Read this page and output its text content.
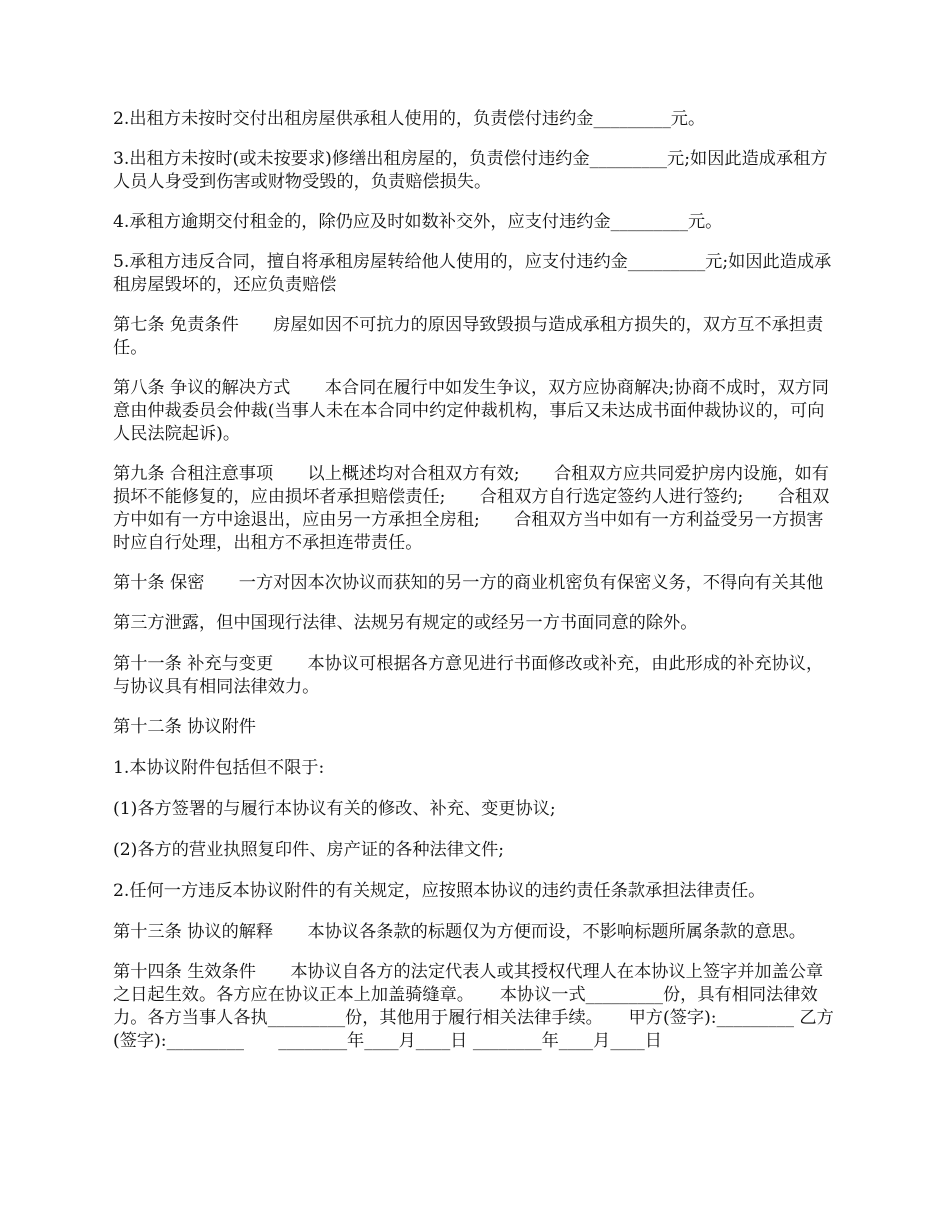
2.出租方未按时交付出租房屋供承租人使用的，负责偿付违约金_________元。

3.出租方未按时(或未按要求)修缮出租房屋的，负责偿付违约金_________元;如因此造成承租方人员人身受到伤害或财物受毁的，负责赔偿损失。

4.承租方逾期交付租金的，除仍应及时如数补交外，应支付违约金_________元。

5.承租方违反合同，擅自将承租房屋转给他人使用的，应支付违约金_________元;如因此造成承租房屋毁坏的，还应负责赔偿

第七条 免责条件　　房屋如因不可抗力的原因导致毁损与造成承租方损失的，双方互不承担责任。

第八条 争议的解决方式　　本合同在履行中如发生争议，双方应协商解决;协商不成时，双方同意由仲裁委员会仲裁(当事人未在本合同中约定仲裁机构，事后又未达成书面仲裁协议的，可向人民法院起诉)。

第九条 合租注意事项　　以上概述均对合租双方有效;　　合租双方应共同爱护房内设施，如有损坏不能修复的，应由损坏者承担赔偿责任;　　合租双方自行选定签约人进行签约;　　合租双方中如有一方中途退出，应由另一方承担全房租;　　合租双方当中如有一方利益受另一方损害时应自行处理，出租方不承担连带责任。

第十条 保密　　一方对因本次协议而获知的另一方的商业机密负有保密义务，不得向有关其他

第三方泄露，但中国现行法律、法规另有规定的或经另一方书面同意的除外。

第十一条 补充与变更　　本协议可根据各方意见进行书面修改或补充，由此形成的补充协议，与协议具有相同法律效力。

第十二条 协议附件

1.本协议附件包括但不限于:

(1)各方签署的与履行本协议有关的修改、补充、变更协议;

(2)各方的营业执照复印件、房产证的各种法律文件;

2.任何一方违反本协议附件的有关规定，应按照本协议的违约责任条款承担法律责任。

第十三条 协议的解释　　本协议各条款的标题仅为方便而设，不影响标题所属条款的意思。

第十四条 生效条件　　本协议自各方的法定代表人或其授权代理人在本协议上签字并加盖公章之日起生效。各方应在协议正本上加盖骑缝章。　　本协议一式_________份，具有相同法律效力。各方当事人各执_________份，其他用于履行相关法律手续。　　甲方(签字):_________ 乙方(签字):_________　　________年____月____日 ________年____月____日
